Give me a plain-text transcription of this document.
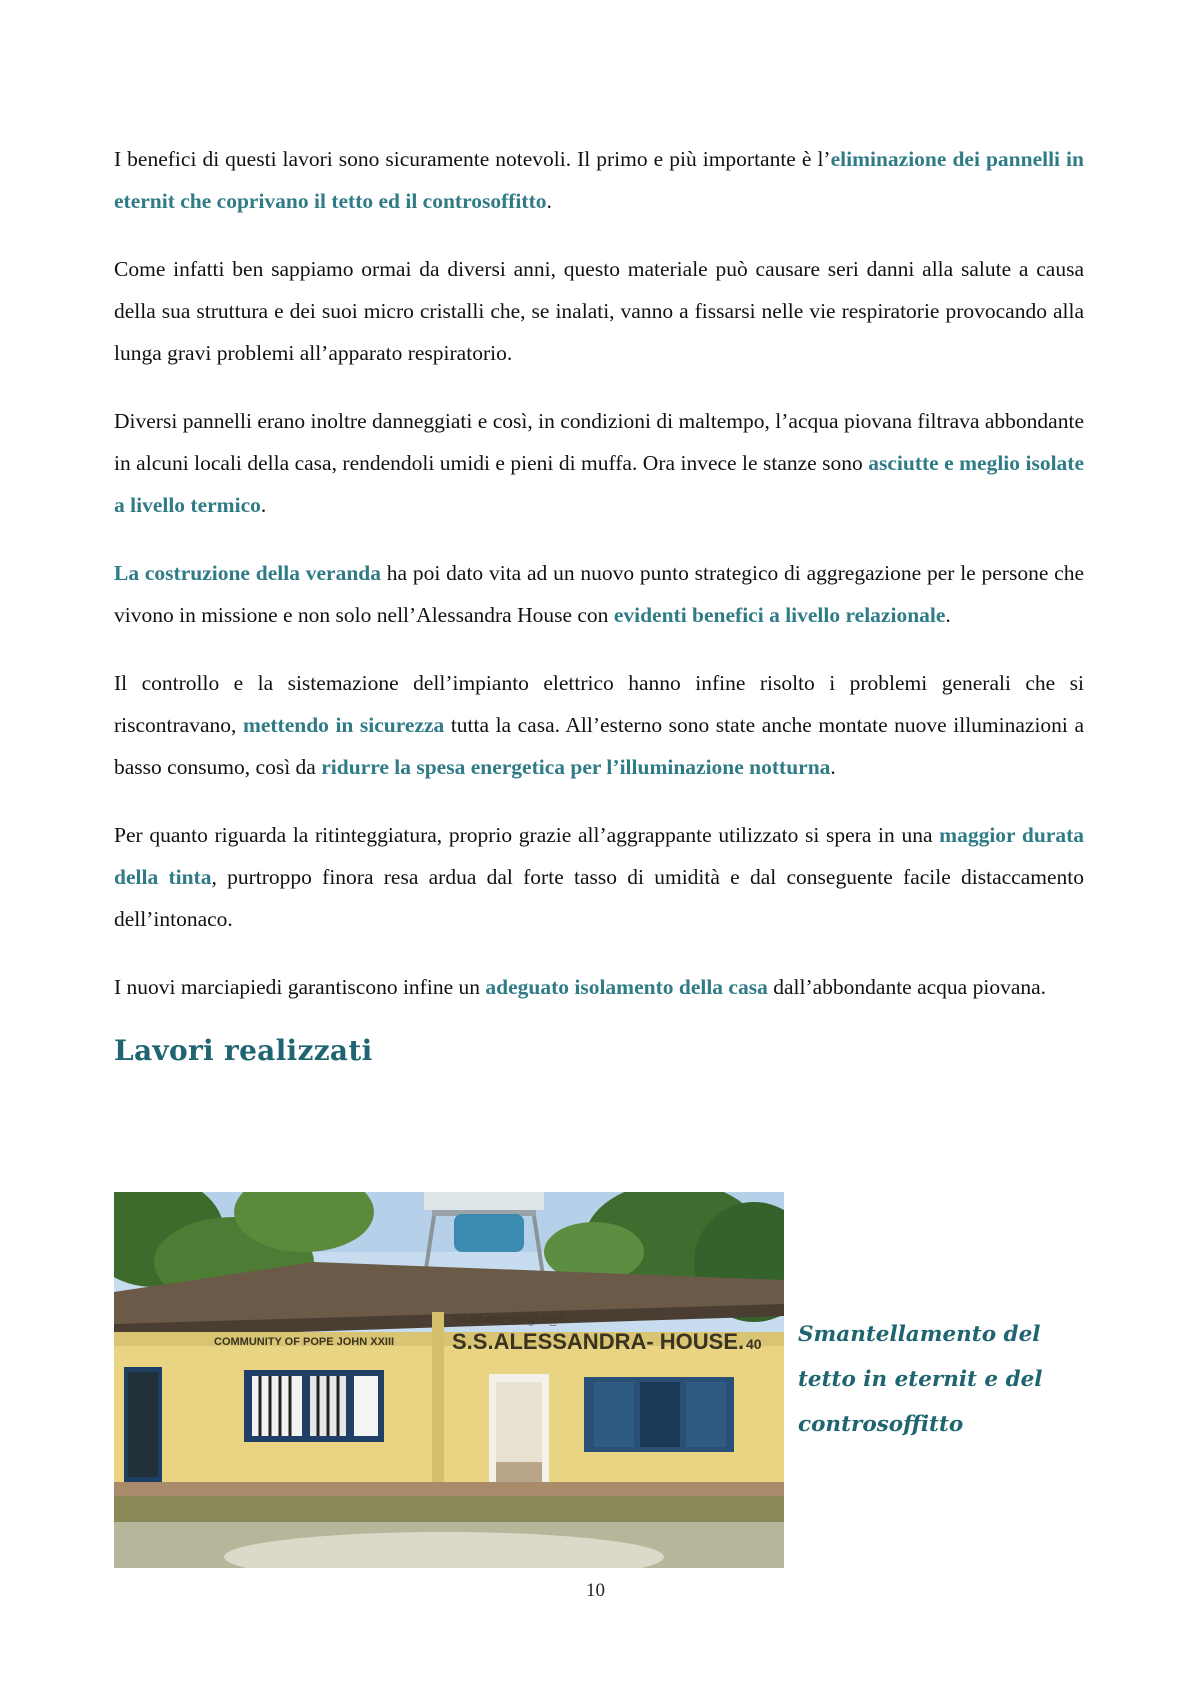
I benefici di questi lavori sono sicuramente notevoli. Il primo e più importante è l’eliminazione dei pannelli in eternit che coprivano il tetto ed il controsoffitto.

Come infatti ben sappiamo ormai da diversi anni, questo materiale può causare seri danni alla salute a causa della sua struttura e dei suoi micro cristalli che, se inalati, vanno a fissarsi nelle vie respiratorie provocando alla lunga gravi problemi all’apparato respiratorio.

Diversi pannelli erano inoltre danneggiati e così, in condizioni di maltempo, l’acqua piovana filtrava abbondante in alcuni locali della casa, rendendoli umidi e pieni di muffa. Ora invece le stanze sono asciutte e meglio isolate a livello termico.

La costruzione della veranda ha poi dato vita ad un nuovo punto strategico di aggregazione per le persone che vivono in missione e non solo nell’Alessandra House con evidenti benefici a livello relazionale.

Il controllo e la sistemazione dell’impianto elettrico hanno infine risolto i problemi generali che si riscontravano, mettendo in sicurezza tutta la casa. All’esterno sono state anche montate nuove illuminazioni a basso consumo, così da ridurre la spesa energetica per l’illuminazione notturna.

Per quanto riguarda la ritinteggiatura, proprio grazie all’aggrappante utilizzato si spera in una maggior durata della tinta, purtroppo finora resa ardua dal forte tasso di umidità e dal conseguente facile distaccamento dell’intonaco.

I nuovi marciapiedi garantiscono infine un adeguato isolamento della casa dall’abbondante acqua piovana.

Lavori realizzati
COMMUNITY OF POPE JOHN XXIII
එස්.එස්.ඇලෙසැන්ඩ්‍රා හවුස්.
S.S.ALESSANDRA- HOUSE. 40 Smantellamento del
tetto in eternit e del
controsoffitto
10
